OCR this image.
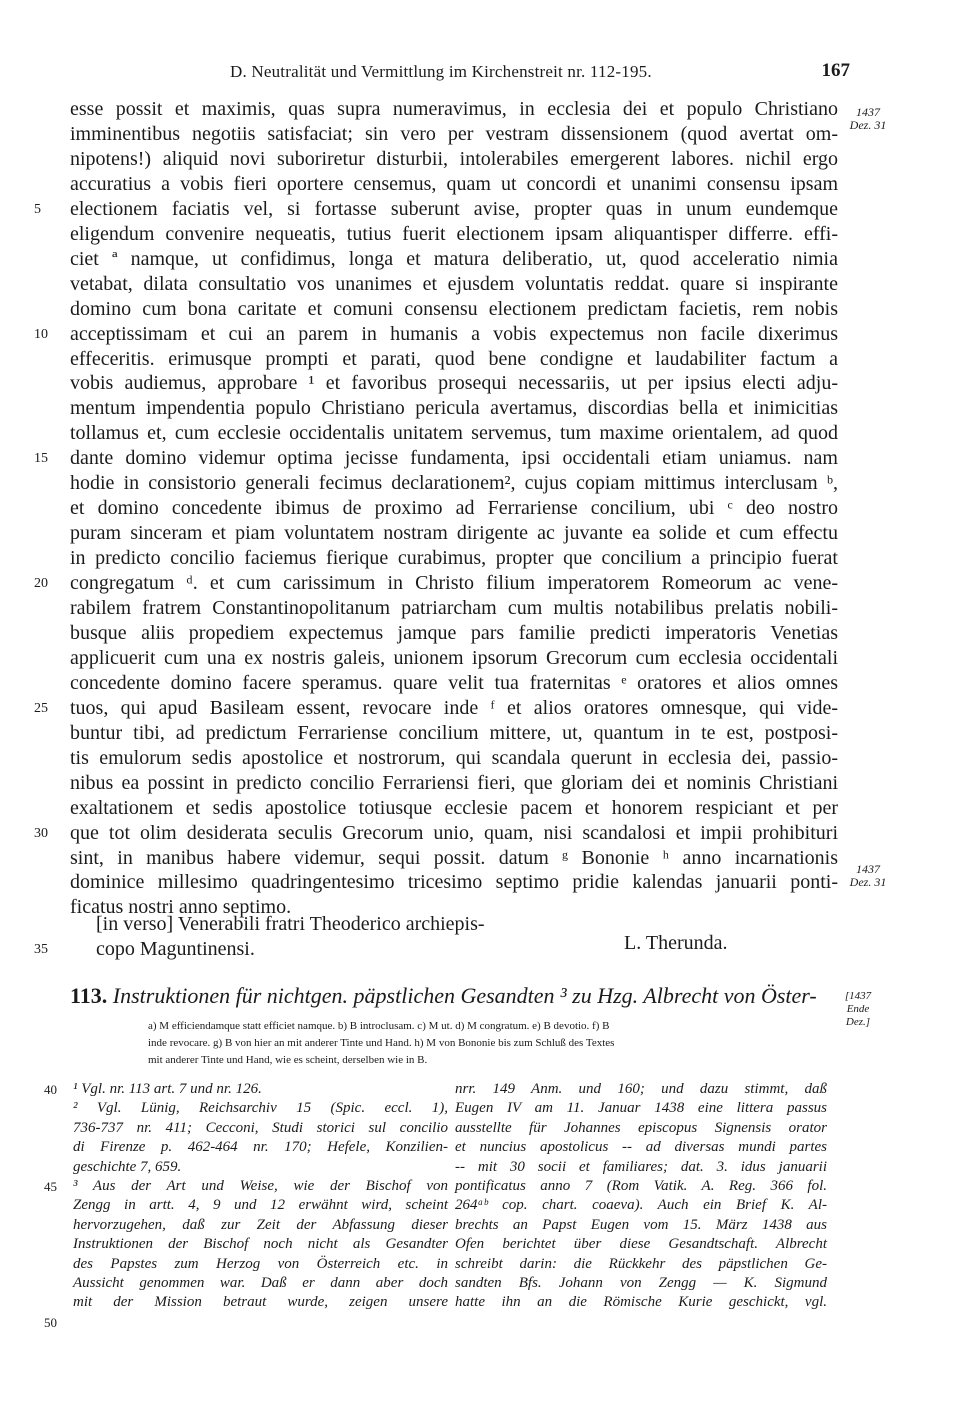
D. Neutralität und Vermittlung im Kirchenstreit nr. 112-195.	167
esse possit et maximis, quas supra numeravimus, in ecclesia dei et populo Christiano
imminentibus negotiis satisfaciat; sin vero per vestram dissensionem (quod avertat om-
nipotens!) aliquid novi suboriretur disturbii, intolerabiles emergerent labores. nichil ergo
accuratius a vobis fieri oportere censemus, quam ut concordi et unanimi consensu ipsam
electionem faciatis vel, si fortasse suberunt avise, propter quas in unum eundemque
eligendum convenire nequeatis, tutius fuerit electionem ipsam aliquantisper differre. effi-
ciet ª namque, ut confidimus, longa et matura deliberatio, ut, quod acceleratio nimia
vetabat, dilata consultatio vos unanimes et ejusdem voluntatis reddat. quare si inspirante
domino cum bona caritate et comuni consensu electionem predictam facietis, rem nobis
acceptissimam et cui an parem in humanis a vobis expectemus non facile dixerimus
effeceritis. erimusque prompti et parati, quod bene condigne et laudabiliter factum a
vobis audiemus, approbare ¹ et favoribus prosequi necessariis, ut per ipsius electi adju-
mentum impendentia populo Christiano pericula avertamus, discordias bella et inimicitias
tollamus et, cum ecclesie occidentalis unitatem servemus, tum maxime orientalem, ad quod
dante domino videmur optima jecisse fundamenta, ipsi occidentali etiam uniamus. nam
hodie in consistorio generali fecimus declarationem², cujus copiam mittimus interclusam ᵇ,
et domino concedente ibimus de proximo ad Ferrariense concilium, ubi ᶜ deo nostro
puram sinceram et piam voluntatem nostram dirigente ac juvante ea solide et cum effectu
in predicto concilio faciemus fierique curabimus, propter que concilium a principio fuerat
congregatum ᵈ. et cum carissimum in Christo filium imperatorem Romeorum ac vene-
rabilem fratrem Constantinopolitanum patriarcham cum multis notabilibus prelatis nobili-
busque aliis propediem expectemus jamque pars familie predicti imperatoris Venetias
applicuerit cum una ex nostris galeis, unionem ipsorum Grecorum cum ecclesia occidentali
concedente domino facere speramus. quare velit tua fraternitas ᵉ oratores et alios omnes
tuos, qui apud Basileam essent, revocare inde ᶠ et alios oratores omnesque, qui vide-
buntur tibi, ad predictum Ferrariense concilium mittere, ut, quantum in te est, postposi-
tis emulorum sedis apostolice et nostrorum, qui scandala querunt in ecclesia dei, passio-
nibus ea possint in predicto concilio Ferrariensi fieri, que gloriam dei et nominis Christiani
exaltationem et sedis apostolice totiusque ecclesie pacem et honorem respiciant et per
que tot olim desiderata seculis Grecorum unio, quam, nisi scandalosi et impii prohibituri
sint, in manibus habere videmur, sequi possit. datum ᵍ Bononie ʰ anno incarnationis
dominice millesimo quadringentesimo tricesimo septimo pridie kalendas januarii ponti-
ficatus nostri anno septimo.
5
10
15
20
25
30
35
1437
Dez. 31
1437
Dez. 31
[in verso] Venerabili fratri Theoderico archiepis-
copo Maguntinensi.	L. Therunda.
113. Instruktionen für nichtgen. päpstlichen Gesandten ³ zu Hzg. Albrecht von Öster-	[1437
Ende
Dez.]
a) M efficiendamque statt efficiet namque. b) B introclusam. c) M ut. d) M congratum. e) B devotio. f) B
inde revocare. g) B von hier an mit anderer Tinte und Hand. h) M von Bononie bis zum Schluß des Textes
mit anderer Tinte und Hand, wie es scheint, derselben wie in B.
40
45
50
¹ Vgl. nr. 113 art. 7 und nr. 126.
² Vgl. Lünig, Reichsarchiv 15 (Spic. eccl. 1),
736-737 nr. 411; Cecconi, Studi storici sul concilio
di Firenze p. 462-464 nr. 170; Hefele, Konzilien-
geschichte 7, 659.
³ Aus der Art und Weise, wie der Bischof von
Zengg in artt. 4, 9 und 12 erwähnt wird, scheint
hervorzugehen, daß zur Zeit der Abfassung dieser
Instruktionen der Bischof noch nicht als Gesandter
des Papstes zum Herzog von Österreich etc. in
Aussicht genommen war. Daß er dann aber doch
mit der Mission betraut wurde, zeigen unsere
nrr. 149 Anm. und 160; und dazu stimmt, daß
Eugen IV am 11. Januar 1438 eine littera passus
ausstellte für Johannes episcopus Signensis orator
et nuncius apostolicus -- ad diversas mundi partes
-- mit 30 socii et familiares; dat. 3. idus januarii
pontificatus anno 7 (Rom Vatik. A. Reg. 366 fol.
264ᵃᵇ cop. chart. coaeva). Auch ein Brief K. Al-
brechts an Papst Eugen vom 15. März 1438 aus
Ofen berichtet über diese Gesandtschaft. Albrecht
schreibt darin: die Rückkehr des päpstlichen Ge-
sandten Bfs. Johann von Zengg — K. Sigmund
hatte ihn an die Römische Kurie geschickt, vgl.
